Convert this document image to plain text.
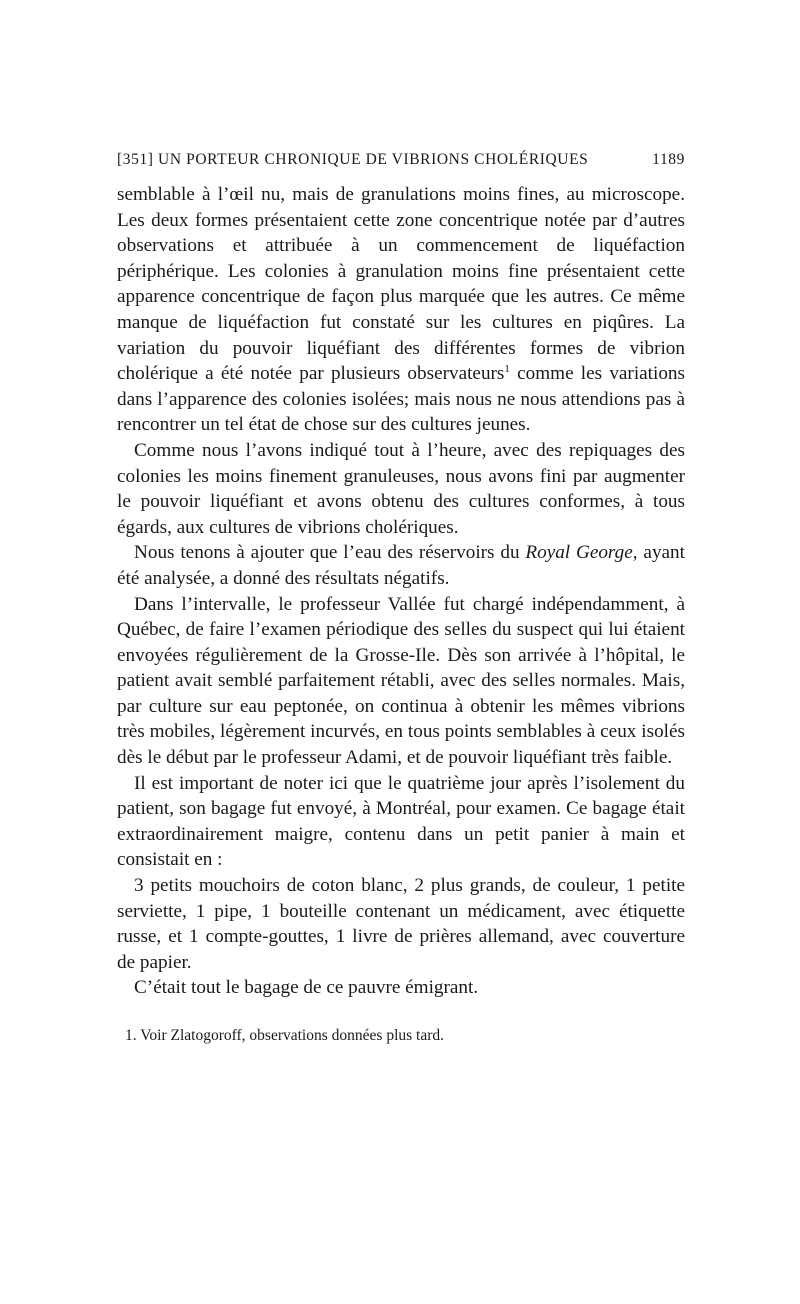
[351] UN PORTEUR CHRONIQUE DE VIBRIONS CHOLÉRIQUES	1189

semblable à l’œil nu, mais de granulations moins fines, au microscope. Les deux formes présentaient cette zone concentrique notée par d’autres observations et attribuée à un commencement de liquéfaction périphérique. Les colonies à granulation moins fine présentaient cette apparence concentrique de façon plus marquée que les autres. Ce même manque de liquéfaction fut constaté sur les cultures en piqûres. La variation du pouvoir liquéfiant des différentes formes de vibrion cholérique a été notée par plusieurs observateurs$^1$ comme les variations dans l’apparence des colonies isolées; mais nous ne nous attendions pas à rencontrer un tel état de chose sur des cultures jeunes.

Comme nous l’avons indiqué tout à l’heure, avec des repiquages des colonies les moins finement granuleuses, nous avons fini par augmenter le pouvoir liquéfiant et avons obtenu des cultures conformes, à tous égards, aux cultures de vibrions cholériques.

Nous tenons à ajouter que l’eau des réservoirs du Royal George, ayant été analysée, a donné des résultats négatifs.

Dans l’intervalle, le professeur Vallée fut chargé indépendamment, à Québec, de faire l’examen périodique des selles du suspect qui lui étaient envoyées régulièrement de la Grosse-Ile. Dès son arrivée à l’hôpital, le patient avait semblé parfaitement rétabli, avec des selles normales. Mais, par culture sur eau peptonée, on continua à obtenir les mêmes vibrions très mobiles, légèrement incurvés, en tous points semblables à ceux isolés dès le début par le professeur Adami, et de pouvoir liquéfiant très faible.

Il est important de noter ici que le quatrième jour après l’isolement du patient, son bagage fut envoyé, à Montréal, pour examen. Ce bagage était extraordinairement maigre, contenu dans un petit panier à main et consistait en :

3 petits mouchoirs de coton blanc, 2 plus grands, de couleur, 1 petite serviette, 1 pipe, 1 bouteille contenant un médicament, avec étiquette russe, et 1 compte-gouttes, 1 livre de prières allemand, avec couverture de papier.

C’était tout le bagage de ce pauvre émigrant.

1. Voir Zlatogoroff, observations données plus tard.
